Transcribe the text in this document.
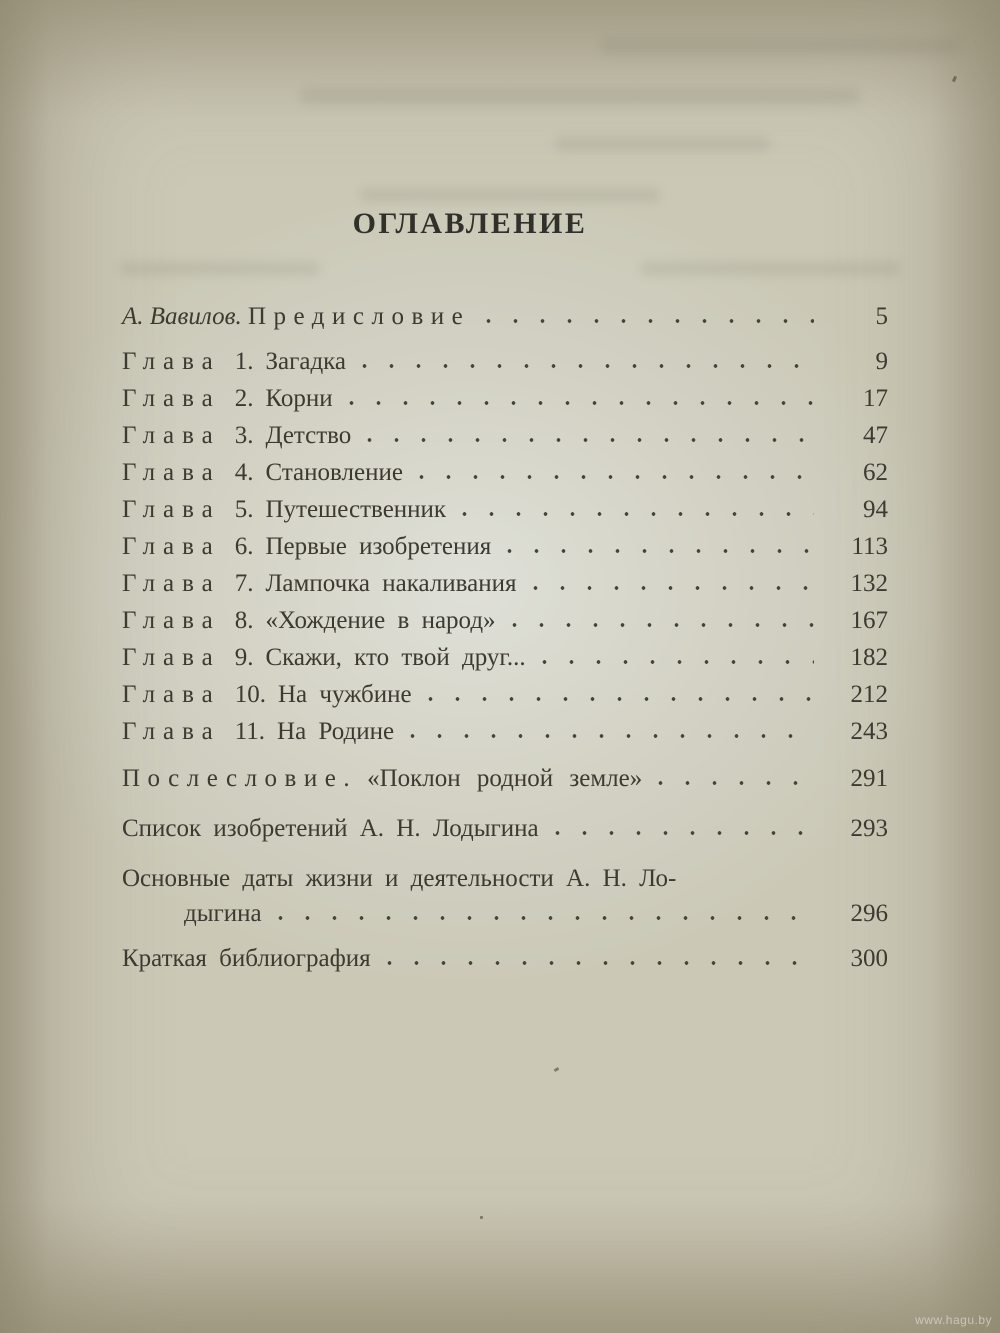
ОГЛАВЛЕНИЕ
А. Вавилов. Предисловие	5
Глава 1. Загадка	9
Глава 2. Корни	17
Глава 3. Детство	47
Глава 4. Становление	62
Глава 5. Путешественник	94
Глава 6. Первые изобретения	113
Глава 7. Лампочка накаливания	132
Глава 8. «Хождение в народ»	167
Глава 9. Скажи, кто твой друг...	182
Глава 10. На чужбине	212
Глава 11. На Родине	243
Послесловие. «Поклон родной земле»	291
Список изобретений А. Н. Лодыгина	293
Основные даты жизни и деятельности А. Н. Ло-
дыгина	296
Краткая библиография	300
www.hagu.by
